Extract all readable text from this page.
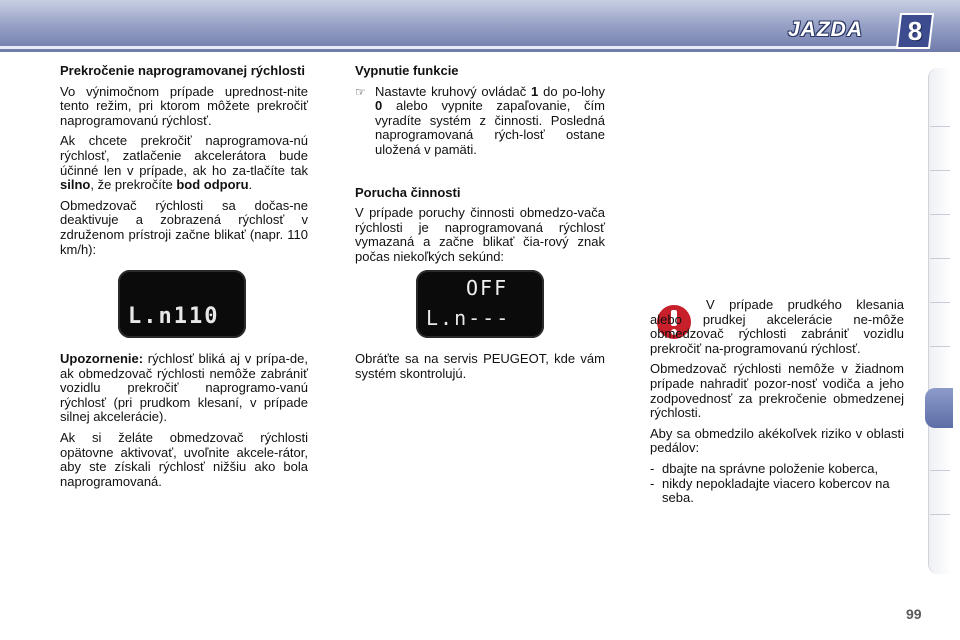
JAZDA	8

Prekročenie naprogramovanej rýchlosti

Vo výnimočnom prípade uprednost-nite tento režim, pri ktorom môžete prekročiť naprogramovanú rýchlosť.

Ak chcete prekročiť naprogramova-nú rýchlosť, zatlačenie akcelerátora bude účinné len v prípade, ak ho za-tlačíte tak silno, že prekročíte bod odporu.

Obmedzovač rýchlosti sa dočas-ne deaktivuje a zobrazená rýchlosť v združenom prístroji začne blikať (napr. 110 km/h):

L.n110

Upozornenie: rýchlosť bliká aj v prípa-de, ak obmedzovač rýchlosti nemôže zabrániť vozidlu prekročiť naprogramo-vanú rýchlosť (pri prudkom klesaní, v prípade silnej akcelerácie).

Ak si želáte obmedzovač rýchlosti opätovne aktivovať, uvoľnite akcele-rátor, aby ste získali rýchlosť nižšiu ako bola naprogramovaná.

Vypnutie funkcie

☞ Nastavte kruhový ovládač 1 do po-lohy 0 alebo vypnite zapaľovanie, čím vyradíte systém z činnosti. Posledná naprogramovaná rých-losť ostane uložená v pamäti.

Porucha činnosti

V prípade poruchy činnosti obmedzo-vača rýchlosti je naprogramovaná rýchlosť vymazaná a začne blikať čia-rový znak počas niekoľkých sekúnd:

OFF
L.n---

Obráťte sa na servis PEUGEOT, kde vám systém skontrolujú.

V prípade prudkého klesania alebo prudkej akcelerácie ne-môže obmedzovač rýchlosti zabrániť vozidlu prekročiť na-programovanú rýchlosť.

Obmedzovač rýchlosti nemôže v žiadnom prípade nahradiť pozor-nosť vodiča a jeho zodpovednosť za prekročenie obmedzenej rýchlosti.

Aby sa obmedzilo akékoľvek riziko v oblasti pedálov:

- dbajte na správne položenie koberca,
- nikdy nepokladajte viacero kobercov na seba.
99
